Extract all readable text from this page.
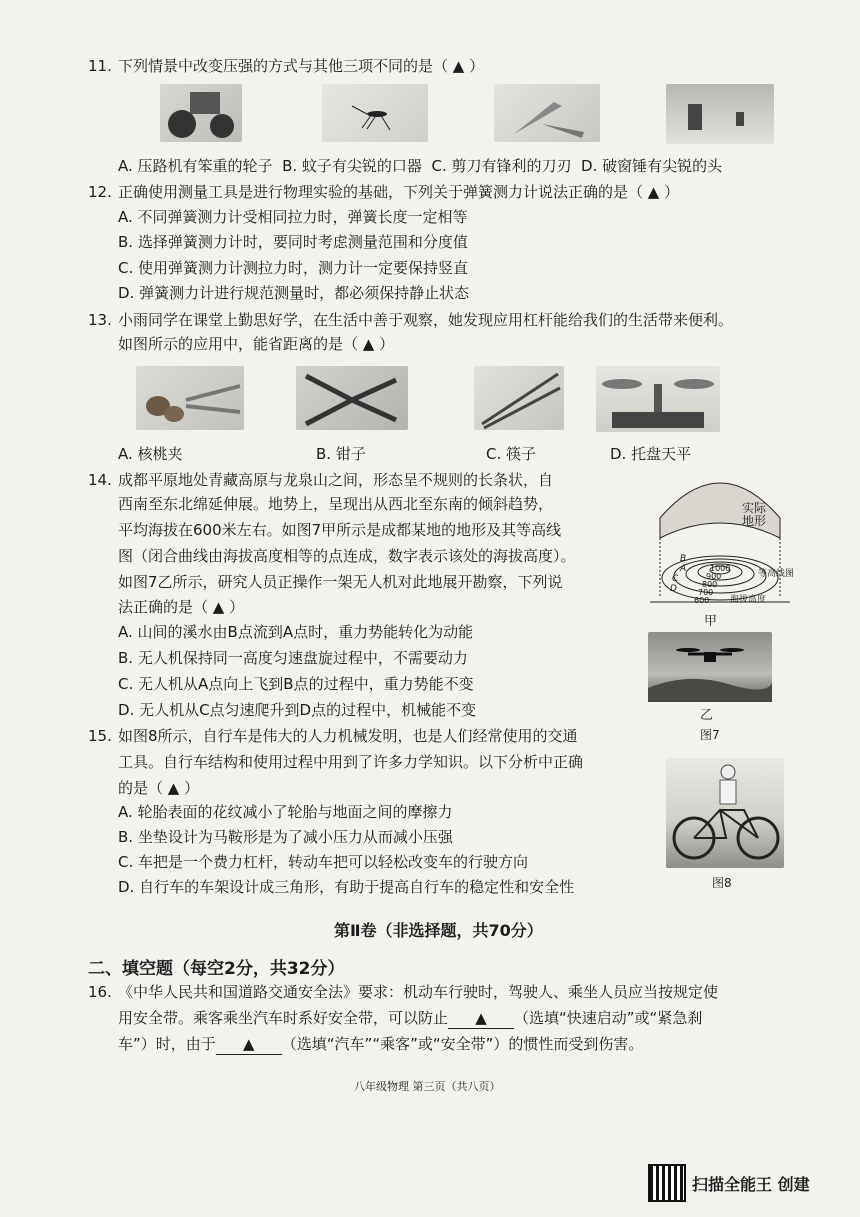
11. 下列情景中改变压强的方式与其他三项不同的是（ ▲ ）
A. 压路机有笨重的轮子 B. 蚊子有尖锐的口器 C. 剪刀有锋利的刀刃 D. 破窗锤有尖锐的头
12. 正确使用测量工具是进行物理实验的基础，下列关于弹簧测力计说法正确的是（ ▲ ）
A. 不同弹簧测力计受相同拉力时，弹簧长度一定相等
B. 选择弹簧测力计时，要同时考虑测量范围和分度值
C. 使用弹簧测力计测拉力时，测力计一定要保持竖直
D. 弹簧测力计进行规范测量时，都必须保持静止状态
13. 小雨同学在课堂上勤思好学，在生活中善于观察，她发现应用杠杆能给我们的生活带来便利。
如图所示的应用中，能省距离的是（ ▲ ）
A. 核桃夹	B. 钳子	C. 筷子	D. 托盘天平
14. 成都平原地处青藏高原与龙泉山之间，形态呈不规则的长条状，自
西南至东北绵延伸展。地势上，呈现出从西北至东南的倾斜趋势，
平均海拔在600米左右。如图7甲所示是成都某地的地形及其等高线
图（闭合曲线由海拔高度相等的点连成，数字表示该处的海拔高度）。
如图7乙所示，研究人员正操作一架无人机对此地展开勘察，下列说
法正确的是（ ▲ ）
A. 山间的溪水由B点流到A点时，重力势能转化为动能
B. 无人机保持同一高度匀速盘旋过程中，不需要动力
C. 无人机从A点向上飞到B点的过程中，重力势能不变
D. 无人机从C点匀速爬升到D点的过程中，机械能不变
实际地形
等高线图
海拔高度
1000
900
800
700
600
A
B
C
D
甲
乙
图7
15. 如图8所示，自行车是伟大的人力机械发明，也是人们经常使用的交通
工具。自行车结构和使用过程中用到了许多力学知识。以下分析中正确
的是（ ▲ ）
A. 轮胎表面的花纹减小了轮胎与地面之间的摩擦力
B. 坐垫设计为马鞍形是为了减小压力从而减小压强
C. 车把是一个费力杠杆，转动车把可以轻松改变车的行驶方向
D. 自行车的车架设计成三角形，有助于提高自行车的稳定性和安全性	图8
第Ⅱ卷（非选择题，共70分）
二、填空题（每空2分，共32分）
16. 《中华人民共和国道路交通安全法》要求：机动车行驶时，驾驶人、乘坐人员应当按规定使
用安全带。乘客乘坐汽车时系好安全带，可以防止 ▲ （选填“快速启动”或“紧急刹
车”）时，由于 ▲ （选填“汽车”“乘客”或“安全带”）的惯性而受到伤害。
八年级物理 第三页（共八页）
扫描全能王 创建
